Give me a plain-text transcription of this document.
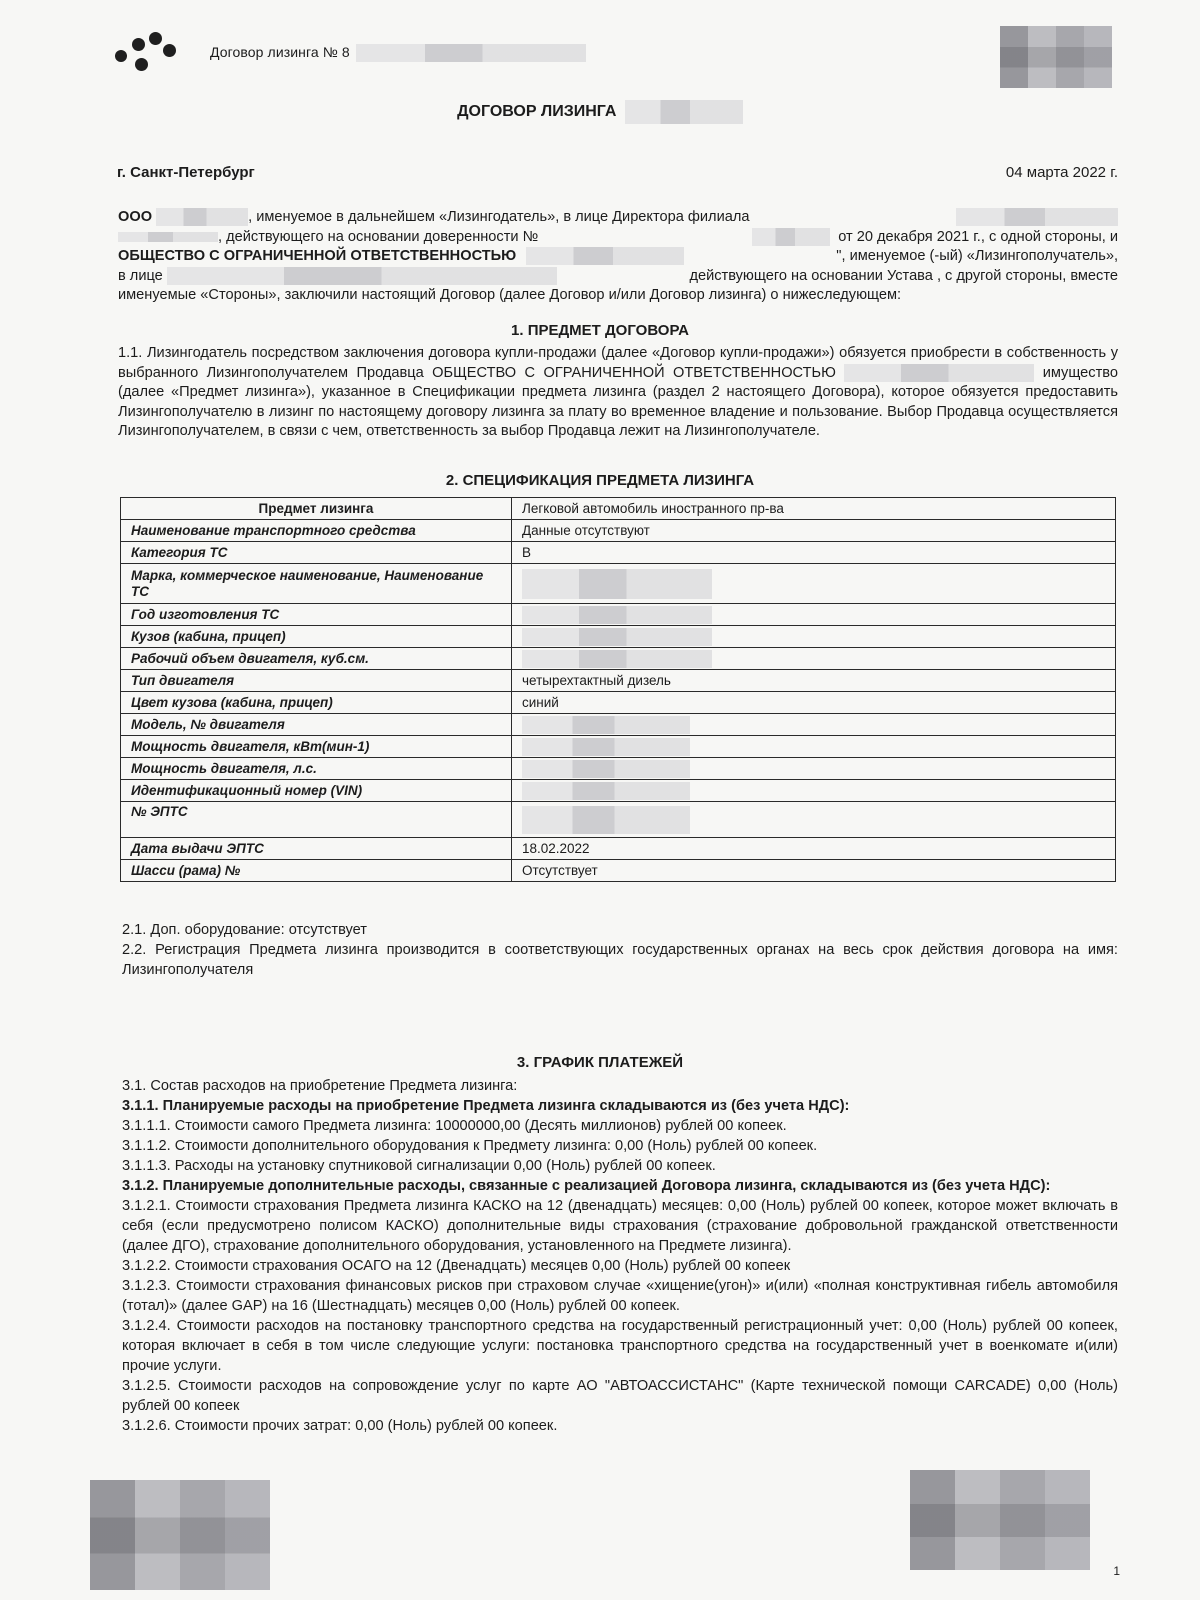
Договор лизинга № 8
ДОГОВОР ЛИЗИНГА
г. Санкт-Петербург	04 марта 2022 г.
ООО	, именуемое в дальнейшем «Лизингодатель», в лице Директора филиала
, действующего на основании доверенности №	от 20 декабря 2021 г., с одной стороны, и
ОБЩЕСТВО С ОГРАНИЧЕННОЙ ОТВЕТСТВЕННОСТЬЮ	", именуемое (-ый) «Лизингополучатель»,
в лице	действующего на основании Устава , с другой стороны, вместе
именуемые «Стороны», заключили настоящий Договор (далее Договор и/или Договор лизинга) о нижеследующем:
1. ПРЕДМЕТ ДОГОВОРА
1.1. Лизингодатель посредством заключения договора купли-продажи (далее «Договор купли-продажи») обязуется приобрести в собственность у выбранного Лизингополучателем Продавца ОБЩЕСТВО С ОГРАНИЧЕННОЙ ОТВЕТСТВЕННОСТЬЮ	имущество (далее «Предмет лизинга»), указанное в Спецификации предмета лизинга (раздел 2 настоящего Договора), которое обязуется предоставить Лизингополучателю в лизинг по настоящему договору лизинга за плату во временное владение и пользование. Выбор Продавца осуществляется Лизингополучателем, в связи с чем, ответственность за выбор Продавца лежит на Лизингополучателе.
2. СПЕЦИФИКАЦИЯ ПРЕДМЕТА ЛИЗИНГА
Предмет лизинга	Легковой автомобиль иностранного пр-ва
Наименование транспортного средства	Данные отсутствуют
Категория ТС	B
Марка, коммерческое наименование, Наименование ТС	
Год изготовления ТС	
Кузов (кабина, прицеп)	
Рабочий объем двигателя, куб.см.	
Тип двигателя	четырехтактный дизель
Цвет кузова (кабина, прицеп)	синий
Модель, № двигателя	
Мощность двигателя, кВт(мин-1)	
Мощность двигателя, л.с.	
Идентификационный номер (VIN)	
№ ЭПТС	
Дата выдачи ЭПТС	18.02.2022
Шасси (рама) №	Отсутствует

2.1. Доп. оборудование: отсутствует

2.2. Регистрация Предмета лизинга производится в соответствующих государственных органах на весь срок действия договора на имя: Лизингополучателя

3. ГРАФИК ПЛАТЕЖЕЙ

3.1. Состав расходов на приобретение Предмета лизинга:

3.1.1. Планируемые расходы на приобретение Предмета лизинга складываются из (без учета НДС):

3.1.1.1. Стоимости самого Предмета лизинга: 10000000,00 (Десять миллионов) рублей 00 копеек.

3.1.1.2. Стоимости дополнительного оборудования к Предмету лизинга: 0,00 (Ноль) рублей 00 копеек.

3.1.1.3. Расходы на установку спутниковой сигнализации 0,00 (Ноль) рублей 00 копеек.

3.1.2. Планируемые дополнительные расходы, связанные с реализацией Договора лизинга, складываются из (без учета НДС):

3.1.2.1. Стоимости страхования Предмета лизинга КАСКО на 12 (двенадцать) месяцев: 0,00 (Ноль) рублей 00 копеек, которое может включать в себя (если предусмотрено полисом КАСКО) дополнительные виды страхования (страхование добровольной гражданской ответственности (далее ДГО), страхование дополнительного оборудования, установленного на Предмете лизинга).

3.1.2.2. Стоимости страхования ОСАГО на 12 (Двенадцать) месяцев 0,00 (Ноль) рублей 00 копеек

3.1.2.3. Стоимости страхования финансовых рисков при страховом случае «хищение(угон)» и(или) «полная конструктивная гибель автомобиля (тотал)» (далее GAP) на 16 (Шестнадцать) месяцев 0,00 (Ноль) рублей 00 копеек.

3.1.2.4. Стоимости расходов на постановку транспортного средства на государственный регистрационный учет: 0,00 (Ноль) рублей 00 копеек, которая включает в себя в том числе следующие услуги: постановка транспортного средства на государственный учет в военкомате и(или) прочие услуги.

3.1.2.5. Стоимости расходов на сопровождение услуг по карте АО "АВТОАССИСТАНС" (Карте технической помощи CARCADE) 0,00 (Ноль) рублей 00 копеек

3.1.2.6. Стоимости прочих затрат: 0,00 (Ноль) рублей 00 копеек.

1
